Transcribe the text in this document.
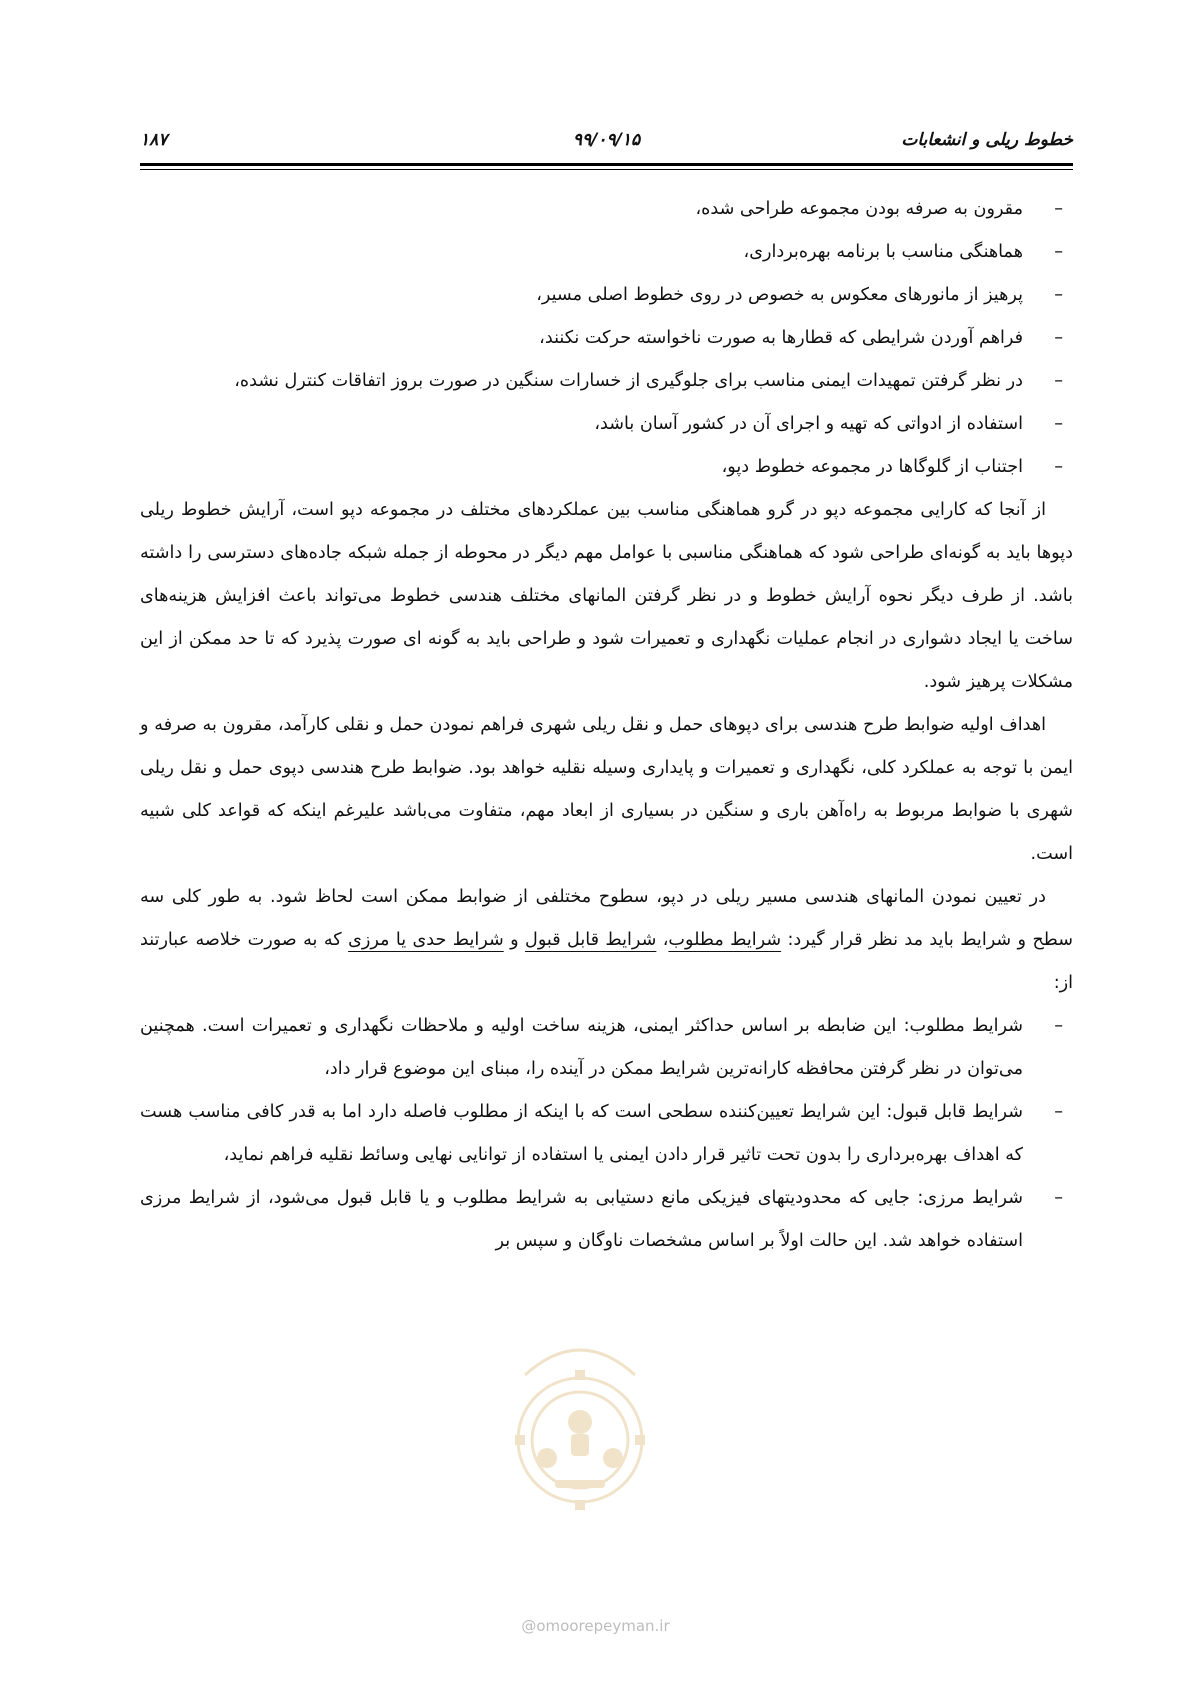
خطوط ریلی و انشعابات
۹۹/۰۹/۱۵
۱۸۷
–
مقرون به صرفه بودن مجموعه طراحی شده،
–
هماهنگی مناسب با برنامه بهره‌برداری،
–
پرهیز از مانورهای معکوس به خصوص در روی خطوط اصلی مسیر،
–
فراهم آوردن شرایطی که قطارها به صورت ناخواسته حرکت نکنند،
–
در نظر گرفتن تمهیدات ایمنی مناسب برای جلوگیری از خسارات سنگین در صورت بروز اتفاقات کنترل نشده،
–
استفاده از ادواتی که تهیه و اجرای آن در کشور آسان باشد،
–
اجتناب از گلوگاها در مجموعه خطوط دپو،

از آنجا که کارایی مجموعه دپو در گرو هماهنگی مناسب بین عملکردهای مختلف در مجموعه دپو است، آرایش خطوط ریلی دپوها باید به گونه‌ای طراحی شود که هماهنگی مناسبی با عوامل مهم دیگر در محوطه از جمله شبکه جاده‌های دسترسی را داشته باشد. از طرف دیگر نحوه آرایش خطوط و در نظر گرفتن المانهای مختلف هندسی خطوط می‌تواند باعث افزایش هزینه‌های ساخت یا ایجاد دشواری در انجام عملیات نگهداری و تعمیرات شود و طراحی باید به گونه ای صورت پذیرد که تا حد ممکن از این مشکلات پرهیز شود.

اهداف اولیه ضوابط طرح هندسی برای دپوهای حمل و نقل ریلی شهری فراهم نمودن حمل و نقلی کارآمد، مقرون به صرفه و ایمن با توجه به عملکرد کلی، نگهداری و تعمیرات و پایداری وسیله نقلیه خواهد بود. ضوابط طرح هندسی دپوی حمل و نقل ریلی شهری با ضوابط مربوط به راه‌آهن باری و سنگین در بسیاری از ابعاد مهم، متفاوت می‌باشد علیرغم اینکه که قواعد کلی شبیه است.

در تعیین نمودن المانهای هندسی مسیر ریلی در دپو، سطوح مختلفی از ضوابط ممکن است لحاظ شود. به طور کلی سه سطح و شرایط باید مد نظر قرار گیرد: شرایط مطلوب، شرایط قابل قبول و شرایط حدی یا مرزی که به صورت خلاصه عبارتند از:

–
شرایط مطلوب: این ضابطه بر اساس حداکثر ایمنی، هزینه ساخت اولیه و ملاحظات نگهداری و تعمیرات است. همچنین می‌توان در نظر گرفتن محافظه کارانه‌ترین شرایط ممکن در آینده را، مبنای این موضوع قرار داد،
–
شرایط قابل قبول: این شرایط تعیین‌کننده سطحی است که با اینکه از مطلوب فاصله دارد اما به قدر کافی مناسب هست که اهداف بهره‌برداری را بدون تحت تاثیر قرار دادن ایمنی یا استفاده از توانایی نهایی وسائط نقلیه فراهم نماید،
–
شرایط مرزی: جایی که محدودیتهای فیزیکی مانع دستیابی به شرایط مطلوب و یا قابل قبول می‌شود، از شرایط مرزی استفاده خواهد شد. این حالت اولاً بر اساس مشخصات ناوگان و سپس بر
@omoorepeyman.ir
